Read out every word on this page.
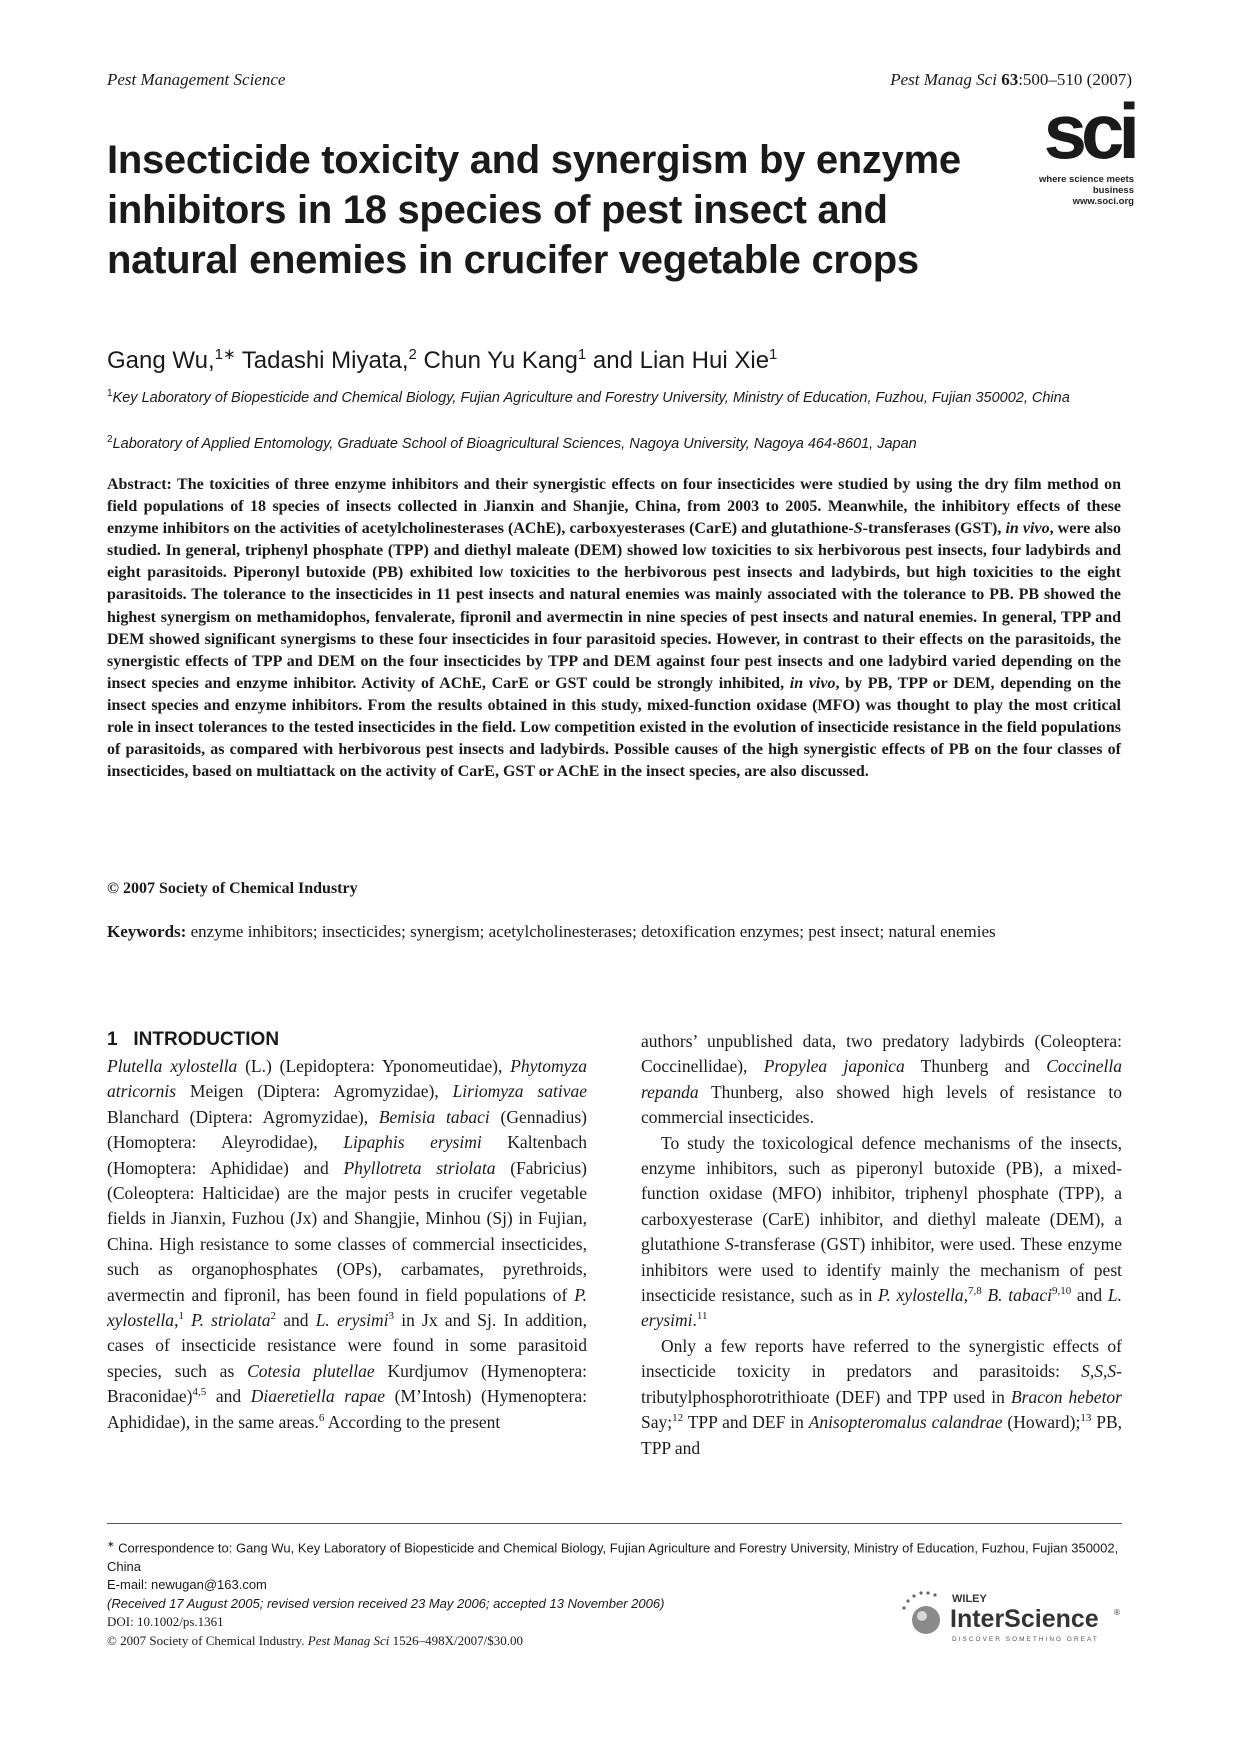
Pest Management Science	Pest Manag Sci 63:500–510 (2007)
sci
where science meets business
www.soci.org
Insecticide toxicity and synergism by enzyme inhibitors in 18 species of pest insect and natural enemies in crucifer vegetable crops
Gang Wu,$^{1∗}$ Tadashi Miyata,$^2$ Chun Yu Kang$^1$ and Lian Hui Xie$^1$
$^1$Key Laboratory of Biopesticide and Chemical Biology, Fujian Agriculture and Forestry University, Ministry of Education, Fuzhou, Fujian 350002, China
$^2$Laboratory of Applied Entomology, Graduate School of Bioagricultural Sciences, Nagoya University, Nagoya 464-8601, Japan
Abstract: The toxicities of three enzyme inhibitors and their synergistic effects on four insecticides were studied by using the dry film method on field populations of 18 species of insects collected in Jianxin and Shanjie, China, from 2003 to 2005. Meanwhile, the inhibitory effects of these enzyme inhibitors on the activities of acetylcholinesterases (AChE), carboxyesterases (CarE) and glutathione-S-transferases (GST), in vivo, were also studied. In general, triphenyl phosphate (TPP) and diethyl maleate (DEM) showed low toxicities to six herbivorous pest insects, four ladybirds and eight parasitoids. Piperonyl butoxide (PB) exhibited low toxicities to the herbivorous pest insects and ladybirds, but high toxicities to the eight parasitoids. The tolerance to the insecticides in 11 pest insects and natural enemies was mainly associated with the tolerance to PB. PB showed the highest synergism on methamidophos, fenvalerate, fipronil and avermectin in nine species of pest insects and natural enemies. In general, TPP and DEM showed significant synergisms to these four insecticides in four parasitoid species. However, in contrast to their effects on the parasitoids, the synergistic effects of TPP and DEM on the four insecticides by TPP and DEM against four pest insects and one ladybird varied depending on the insect species and enzyme inhibitor. Activity of AChE, CarE or GST could be strongly inhibited, in vivo, by PB, TPP or DEM, depending on the insect species and enzyme inhibitors. From the results obtained in this study, mixed-function oxidase (MFO) was thought to play the most critical role in insect tolerances to the tested insecticides in the field. Low competition existed in the evolution of insecticide resistance in the field populations of parasitoids, as compared with herbivorous pest insects and ladybirds. Possible causes of the high synergistic effects of PB on the four classes of insecticides, based on multiattack on the activity of CarE, GST or AChE in the insect species, are also discussed.
© 2007 Society of Chemical Industry
Keywords: enzyme inhibitors; insecticides; synergism; acetylcholinesterases; detoxification enzymes; pest insect; natural enemies
1   INTRODUCTION

Plutella xylostella (L.) (Lepidoptera: Yponomeutidae), Phytomyza atricornis Meigen (Diptera: Agromyzidae), Liriomyza sativae Blanchard (Diptera: Agromyzidae), Bemisia tabaci (Gennadius) (Homoptera: Aleyrodidae), Lipaphis erysimi Kaltenbach (Homoptera: Aphididae) and Phyllotreta striolata (Fabricius) (Coleoptera: Halticidae) are the major pests in crucifer vegetable fields in Jianxin, Fuzhou (Jx) and Shangjie, Minhou (Sj) in Fujian, China. High resistance to some classes of commercial insecticides, such as organophosphates (OPs), carbamates, pyrethroids, avermectin and fipronil, has been found in field populations of P. xylostella,$^1$ P. striolata$^2$ and L. erysimi$^3$ in Jx and Sj. In addition, cases of insecticide resistance were found in some parasitoid species, such as Cotesia plutellae Kurdjumov (Hymenoptera: Braconidae)$^{4,5}$ and Diaeretiella rapae (M’Intosh) (Hymenoptera: Aphididae), in the same areas.$^6$ According to the present

authors’ unpublished data, two predatory ladybirds (Coleoptera: Coccinellidae), Propylea japonica Thunberg and Coccinella repanda Thunberg, also showed high levels of resistance to commercial insecticides.

To study the toxicological defence mechanisms of the insects, enzyme inhibitors, such as piperonyl butoxide (PB), a mixed-function oxidase (MFO) inhibitor, triphenyl phosphate (TPP), a carboxyesterase (CarE) inhibitor, and diethyl maleate (DEM), a glutathione S-transferase (GST) inhibitor, were used. These enzyme inhibitors were used to identify mainly the mechanism of pest insecticide resistance, such as in P. xylostella,$^{7,8}$ B. tabaci$^{9,10}$ and L. erysimi.$^{11}$

Only a few reports have referred to the synergistic effects of insecticide toxicity in predators and parasitoids: S,S,S-tributylphosphorotrithioate (DEF) and TPP used in Bracon hebetor Say;$^{12}$ TPP and DEF in Anisopteromalus calandrae (Howard);$^{13}$ PB, TPP and

∗ Correspondence to: Gang Wu, Key Laboratory of Biopesticide and Chemical Biology, Fujian Agriculture and Forestry University, Ministry of Education, Fuzhou, Fujian 350002, China
E-mail: newugan@163.com
(Received 17 August 2005; revised version received 23 May 2006; accepted 13 November 2006)
DOI: 10.1002/ps.1361
© 2007 Society of Chemical Industry. Pest Manag Sci 1526–498X/2007/$30.00
WILEY
InterScience ®
DISCOVER SOMETHING GREAT
